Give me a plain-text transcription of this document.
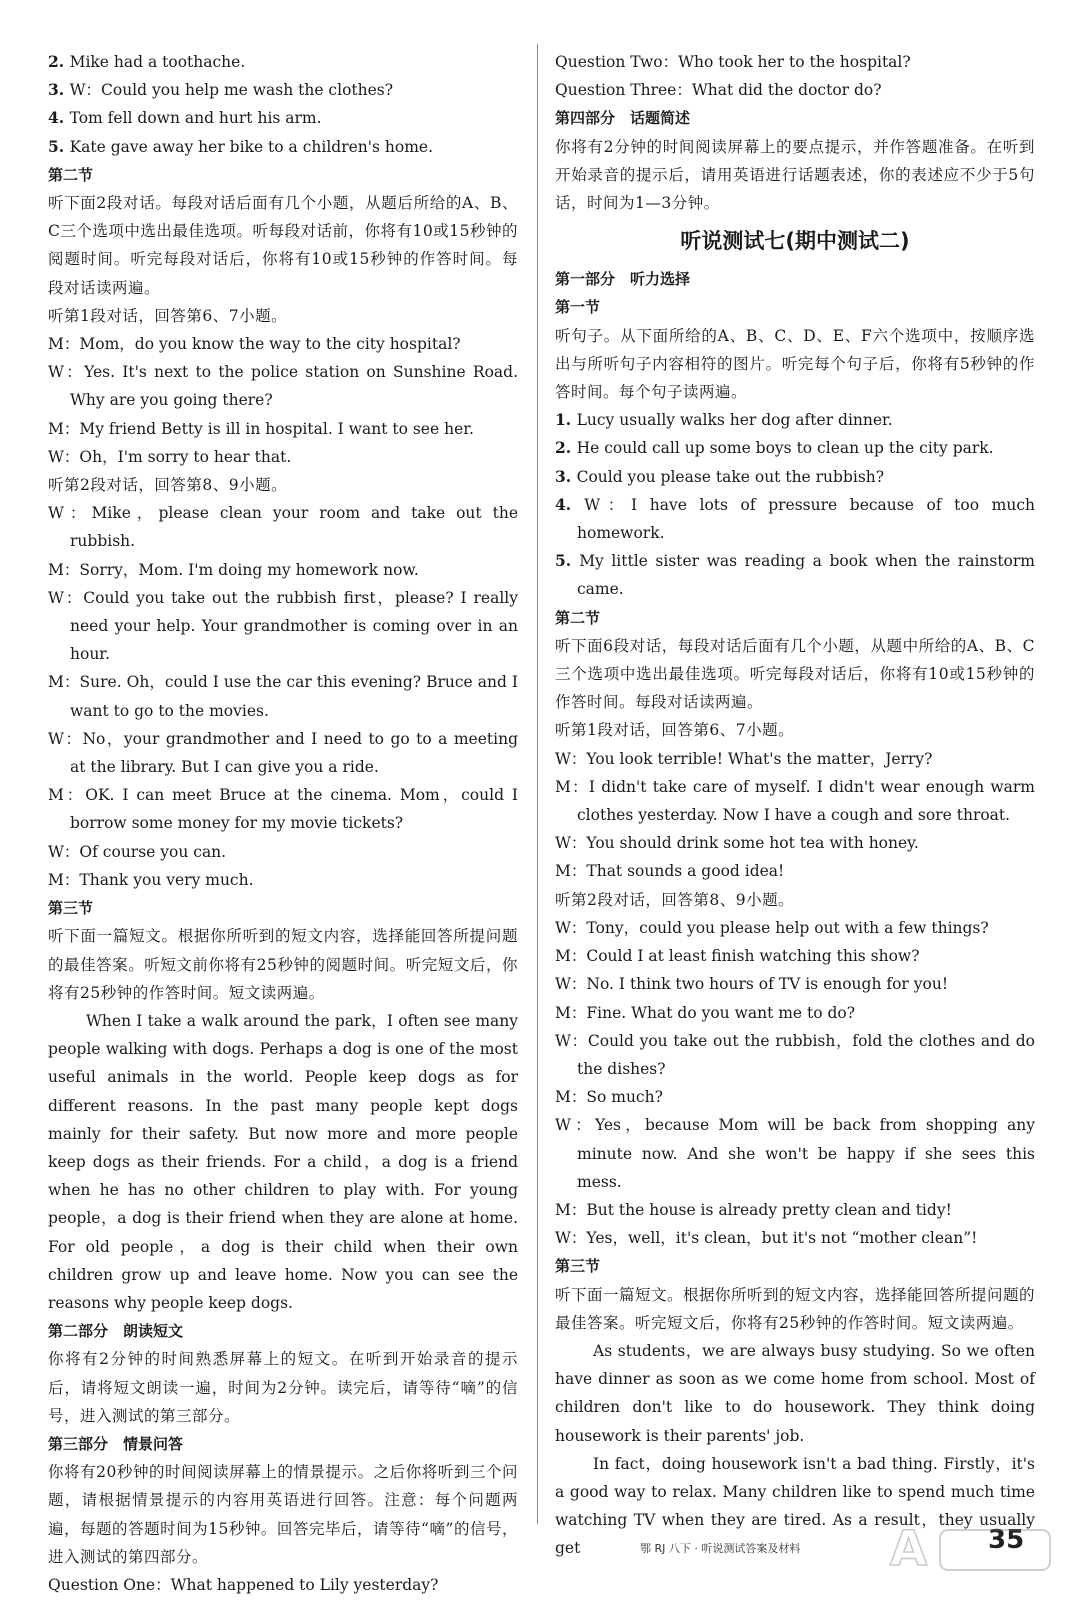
2. Mike had a toothache.

3. W：Could you help me wash the clothes?

4. Tom fell down and hurt his arm.

5. Kate gave away her bike to a children's home.

第二节

听下面2段对话。每段对话后面有几个小题，从题后所给的A、B、C三个选项中选出最佳选项。听每段对话前，你将有10或15秒钟的阅题时间。听完每段对话后，你将有10或15秒钟的作答时间。每段对话读两遍。

听第1段对话，回答第6、7小题。

M：Mom，do you know the way to the city hospital?

W：Yes. It's next to the police station on Sunshine Road. Why are you going there?

M：My friend Betty is ill in hospital. I want to see her.

W：Oh，I'm sorry to hear that.

听第2段对话，回答第8、9小题。

W：Mike，please clean your room and take out the rubbish.

M：Sorry，Mom. I'm doing my homework now.

W：Could you take out the rubbish first，please? I really need your help. Your grandmother is coming over in an hour.

M：Sure. Oh，could I use the car this evening? Bruce and I want to go to the movies.

W：No，your grandmother and I need to go to a meeting at the library. But I can give you a ride.

M：OK. I can meet Bruce at the cinema. Mom，could I borrow some money for my movie tickets?

W：Of course you can.

M：Thank you very much.

第三节

听下面一篇短文。根据你所听到的短文内容，选择能回答所提问题的最佳答案。听短文前你将有25秒钟的阅题时间。听完短文后，你将有25秒钟的作答时间。短文读两遍。

When I take a walk around the park，I often see many people walking with dogs. Perhaps a dog is one of the most useful animals in the world. People keep dogs as for different reasons. In the past many people kept dogs mainly for their safety. But now more and more people keep dogs as their friends. For a child，a dog is a friend when he has no other children to play with. For young people，a dog is their friend when they are alone at home. For old people，a dog is their child when their own children grow up and leave home. Now you can see the reasons why people keep dogs.

第二部分　朗读短文

你将有2分钟的时间熟悉屏幕上的短文。在听到开始录音的提示后，请将短文朗读一遍，时间为2分钟。读完后，请等待“嘀”的信号，进入测试的第三部分。

第三部分　情景问答

你将有20秒钟的时间阅读屏幕上的情景提示。之后你将听到三个问题，请根据情景提示的内容用英语进行回答。注意：每个问题两遍，每题的答题时间为15秒钟。回答完毕后，请等待“嘀”的信号，进入测试的第四部分。

Question One：What happened to Lily yesterday?

Question Two：Who took her to the hospital?

Question Three：What did the doctor do?

第四部分　话题简述

你将有2分钟的时间阅读屏幕上的要点提示，并作答题准备。在听到开始录音的提示后，请用英语进行话题表述，你的表述应不少于5句话，时间为1—3分钟。

听说测试七(期中测试二)

第一部分　听力选择

第一节

听句子。从下面所给的A、B、C、D、E、F六个选项中，按顺序选出与所听句子内容相符的图片。听完每个句子后，你将有5秒钟的作答时间。每个句子读两遍。

1. Lucy usually walks her dog after dinner.

2. He could call up some boys to clean up the city park.

3. Could you please take out the rubbish?

4. W：I have lots of pressure because of too much homework.

5. My little sister was reading a book when the rainstorm came.

第二节

听下面6段对话，每段对话后面有几个小题，从题中所给的A、B、C三个选项中选出最佳选项。听完每段对话后，你将有10或15秒钟的作答时间。每段对话读两遍。

听第1段对话，回答第6、7小题。

W：You look terrible! What's the matter，Jerry?

M：I didn't take care of myself. I didn't wear enough warm clothes yesterday. Now I have a cough and sore throat.

W：You should drink some hot tea with honey.

M：That sounds a good idea!

听第2段对话，回答第8、9小题。

W：Tony，could you please help out with a few things?

M：Could I at least finish watching this show?

W：No. I think two hours of TV is enough for you!

M：Fine. What do you want me to do?

W：Could you take out the rubbish，fold the clothes and do the dishes?

M：So much?

W：Yes，because Mom will be back from shopping any minute now. And she won't be happy if she sees this mess.

M：But the house is already pretty clean and tidy!

W：Yes，well，it's clean，but it's not “mother clean”!

第三节

听下面一篇短文。根据你所听到的短文内容，选择能回答所提问题的最佳答案。听完短文后，你将有25秒钟的作答时间。短文读两遍。

As students，we are always busy studying. So we often have dinner as soon as we come home from school. Most of children don't like to do housework. They think doing housework is their parents' job.

In fact，doing housework isn't a bad thing. Firstly，it's a good way to relax. Many children like to spend much time watching TV when they are tired. As a result，they usually get	鄂 RJ 八下 · 听说测试答案及材料	35
A
